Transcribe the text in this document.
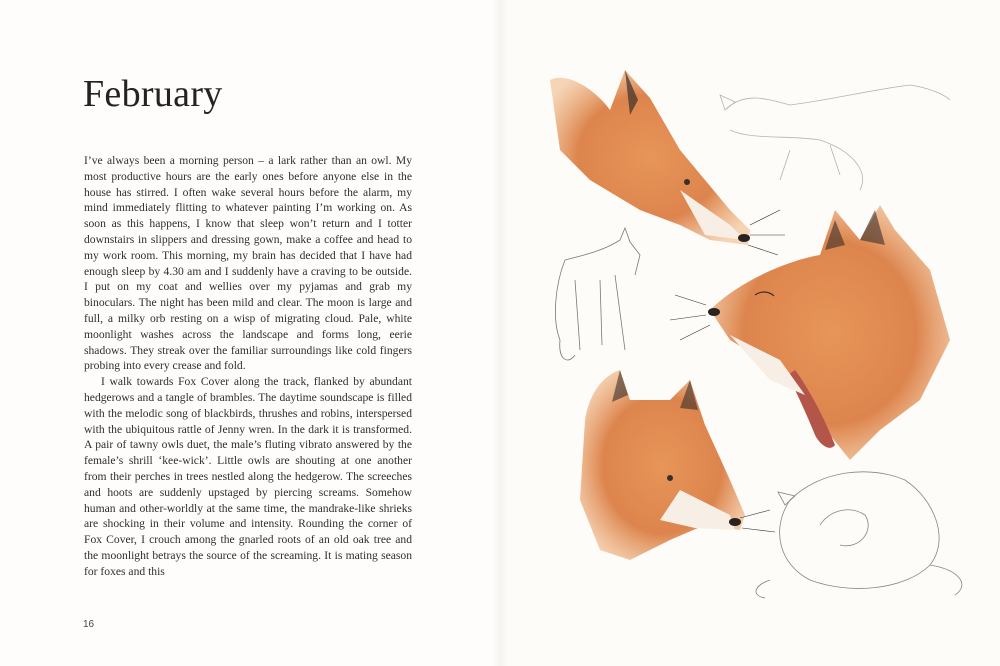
February

I’ve always been a morning person – a lark rather than an owl. My most productive hours are the early ones before anyone else in the house has stirred. I often wake several hours before the alarm, my mind immediately flitting to whatever painting I’m working on. As soon as this happens, I know that sleep won’t return and I totter downstairs in slippers and dressing gown, make a coffee and head to my work room. This morning, my brain has decided that I have had enough sleep by 4.30 am and I suddenly have a craving to be outside. I put on my coat and wellies over my pyjamas and grab my binoculars. The night has been mild and clear. The moon is large and full, a milky orb resting on a wisp of migrating cloud. Pale, white moonlight washes across the landscape and forms long, eerie shadows. They streak over the familiar surroundings like cold fingers probing into every crease and fold.

I walk towards Fox Cover along the track, flanked by abundant hedgerows and a tangle of brambles. The daytime soundscape is filled with the melodic song of blackbirds, thrushes and robins, interspersed with the ubiquitous rattle of Jenny wren. In the dark it is transformed. A pair of tawny owls duet, the male’s fluting vibrato answered by the female’s shrill ‘kee-wick’. Little owls are shouting at one another from their perches in trees nestled along the hedgerow. The screeches and hoots are suddenly upstaged by piercing screams. Somehow human and other-worldly at the same time, the mandrake-like shrieks are shocking in their volume and intensity. Rounding the corner of Fox Cover, I crouch among the gnarled roots of an old oak tree and the moonlight betrays the source of the screaming. It is mating season for foxes and this

16
